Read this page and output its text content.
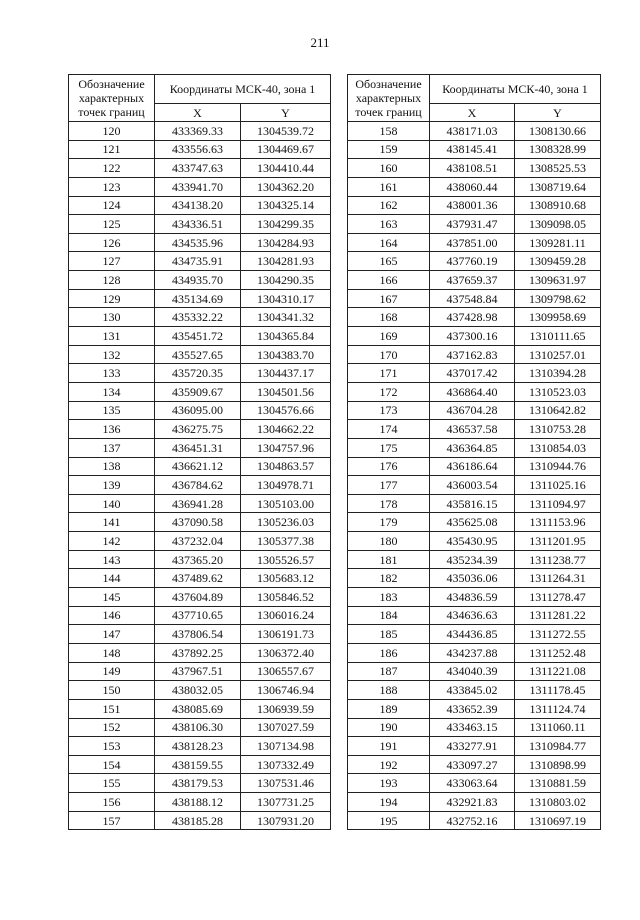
211
Обозначение характерных точек границ	Координаты МСК-40, зона 1	
	X	Y
120	433369.33	1304539.72
121	433556.63	1304469.67
122	433747.63	1304410.44
123	433941.70	1304362.20
124	434138.20	1304325.14
125	434336.51	1304299.35
126	434535.96	1304284.93
127	434735.91	1304281.93
128	434935.70	1304290.35
129	435134.69	1304310.17
130	435332.22	1304341.32
131	435451.72	1304365.84
132	435527.65	1304383.70
133	435720.35	1304437.17
134	435909.67	1304501.56
135	436095.00	1304576.66
136	436275.75	1304662.22
137	436451.31	1304757.96
138	436621.12	1304863.57
139	436784.62	1304978.71
140	436941.28	1305103.00
141	437090.58	1305236.03
142	437232.04	1305377.38
143	437365.20	1305526.57
144	437489.62	1305683.12
145	437604.89	1305846.52
146	437710.65	1306016.24
147	437806.54	1306191.73
148	437892.25	1306372.40
149	437967.51	1306557.67
150	438032.05	1306746.94
151	438085.69	1306939.59
152	438106.30	1307027.59
153	438128.23	1307134.98
154	438159.55	1307332.49
155	438179.53	1307531.46
156	438188.12	1307731.25
157	438185.28	1307931.20
Обозначение характерных точек границ	Координаты МСК-40, зона 1	
	X	Y
158	438171.03	1308130.66
159	438145.41	1308328.99
160	438108.51	1308525.53
161	438060.44	1308719.64
162	438001.36	1308910.68
163	437931.47	1309098.05
164	437851.00	1309281.11
165	437760.19	1309459.28
166	437659.37	1309631.97
167	437548.84	1309798.62
168	437428.98	1309958.69
169	437300.16	1310111.65
170	437162.83	1310257.01
171	437017.42	1310394.28
172	436864.40	1310523.03
173	436704.28	1310642.82
174	436537.58	1310753.28
175	436364.85	1310854.03
176	436186.64	1310944.76
177	436003.54	1311025.16
178	435816.15	1311094.97
179	435625.08	1311153.96
180	435430.95	1311201.95
181	435234.39	1311238.77
182	435036.06	1311264.31
183	434836.59	1311278.47
184	434636.63	1311281.22
185	434436.85	1311272.55
186	434237.88	1311252.48
187	434040.39	1311221.08
188	433845.02	1311178.45
189	433652.39	1311124.74
190	433463.15	1311060.11
191	433277.91	1310984.77
192	433097.27	1310898.99
193	433063.64	1310881.59
194	432921.83	1310803.02
195	432752.16	1310697.19
